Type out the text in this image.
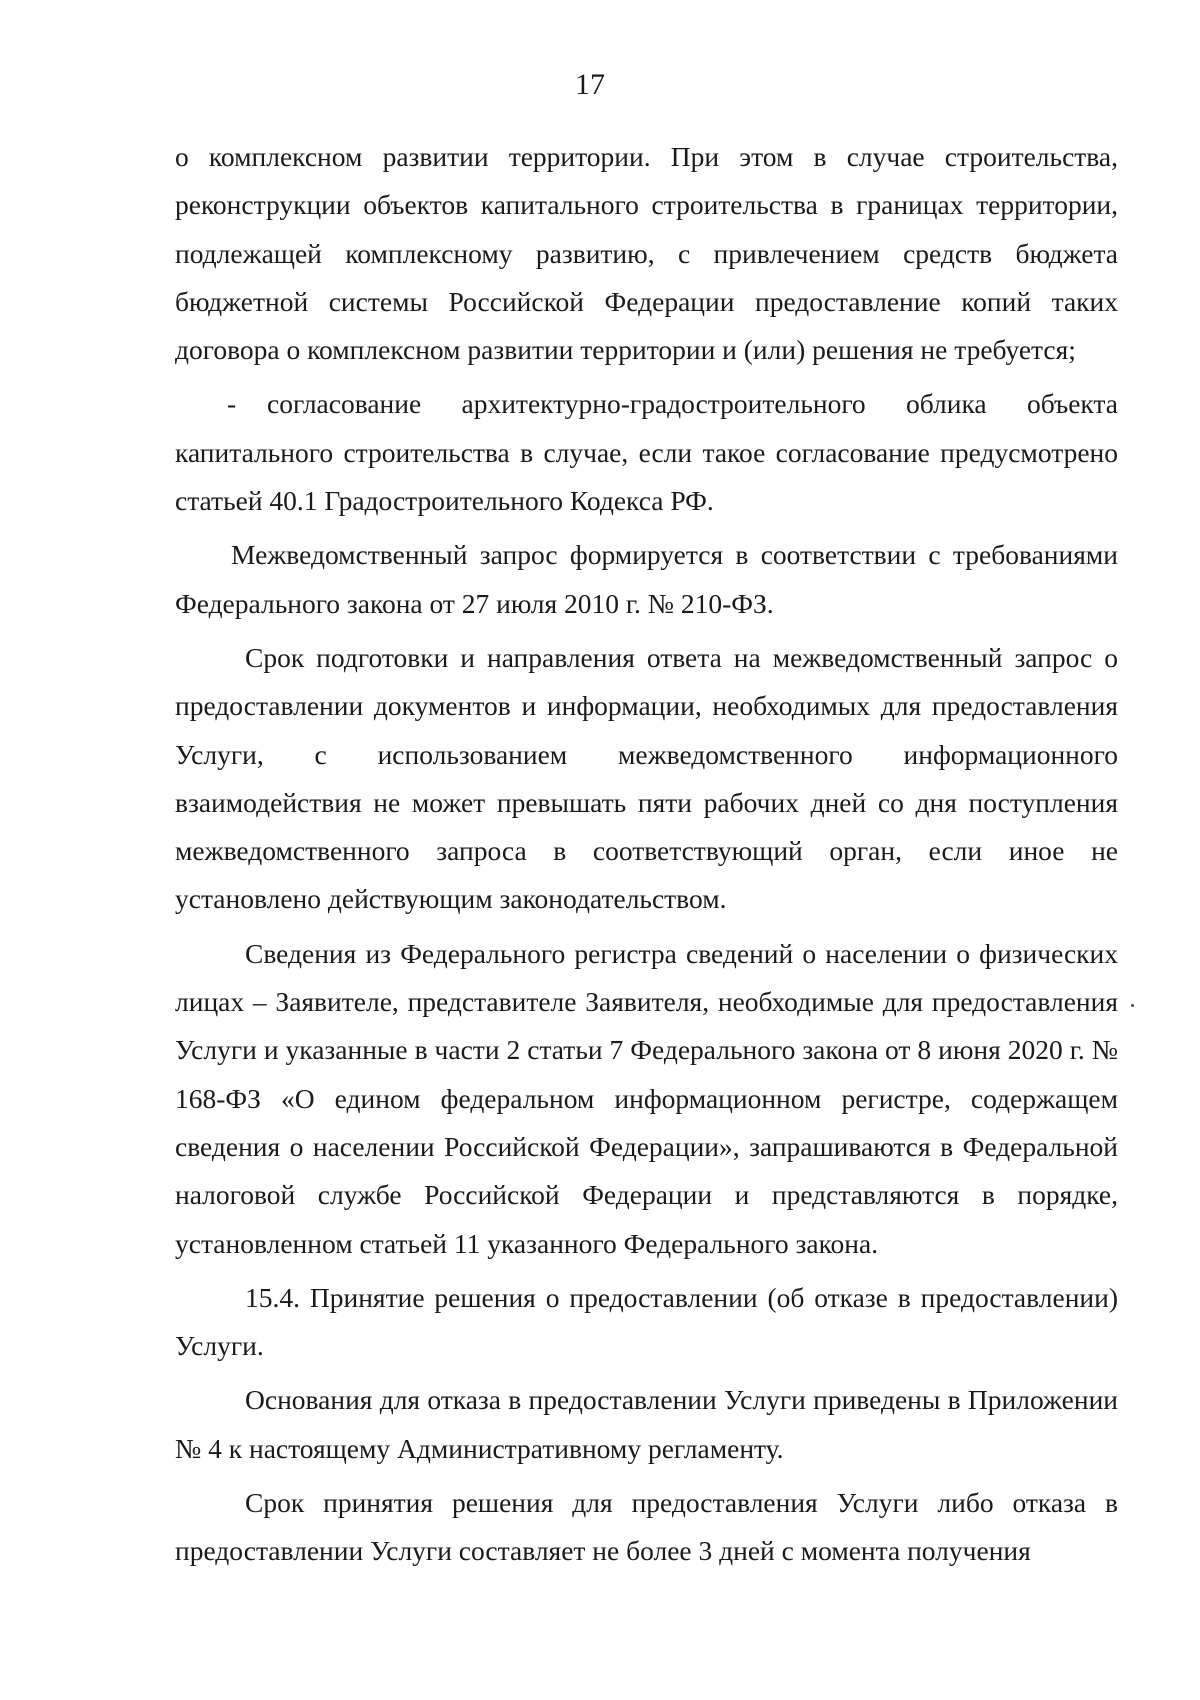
17

о комплексном развитии территории. При этом в случае строительства, реконструкции объектов капитального строительства в границах территории, подлежащей комплексному развитию, с привлечением средств бюджета бюджетной системы Российской Федерации предоставление копий таких договора о комплексном развитии территории и (или) решения не требуется;

- согласование архитектурно-градостроительного облика объекта капитального строительства в случае, если такое согласование предусмотрено статьей 40.1 Градостроительного Кодекса РФ.

Межведомственный запрос формируется в соответствии с требованиями Федерального закона от 27 июля 2010 г. № 210-ФЗ.

Срок подготовки и направления ответа на межведомственный запрос о предоставлении документов и информации, необходимых для предоставления Услуги, с использованием межведомственного информационного взаимодействия не может превышать пяти рабочих дней со дня поступления межведомственного запроса в соответствующий орган, если иное не установлено действующим законодательством.

Сведения из Федерального регистра сведений о населении о физических лицах – Заявителе, представителе Заявителя, необходимые для предоставления Услуги и указанные в части 2 статьи 7 Федерального закона от 8 июня 2020 г. № 168-ФЗ «О едином федеральном информационном регистре, содержащем сведения о населении Российской Федерации», запрашиваются в Федеральной налоговой службе Российской Федерации и представляются в порядке, установленном статьей 11 указанного Федерального закона.

15.4. Принятие решения о предоставлении (об отказе в предоставлении) Услуги.

Основания для отказа в предоставлении Услуги приведены в Приложении № 4 к настоящему Административному регламенту.

Срок принятия решения для предоставления Услуги либо отказа в предоставлении Услуги составляет не более 3 дней с момента получения
